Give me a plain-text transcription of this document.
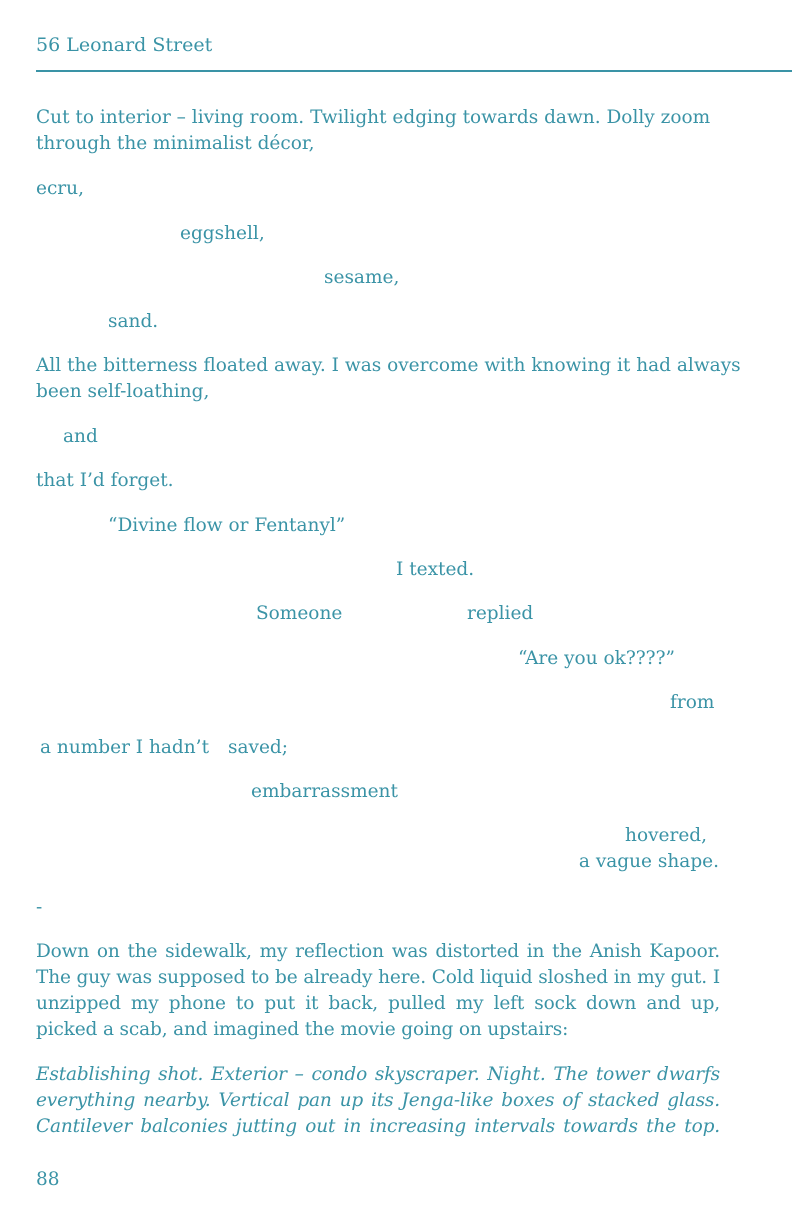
56 Leonard Street
Cut to interior – living room. Twilight edging towards dawn. Dolly zoom
through the minimalist décor,
ecru,
eggshell,
sesame,
sand.
All the bitterness floated away. I was overcome with knowing it had always
been self-loathing,
and
that I’d forget.
“Divine flow or Fentanyl”
I texted.
Someone	replied
“Are you ok????”
from
a number I hadn’t saved;
embarrassment
hovered,
a vague shape.
-
Down on the sidewalk, my reflection was distorted in the Anish Kapoor. The guy was supposed to be already here. Cold liquid sloshed in my gut. I unzipped my phone to put it back, pulled my left sock down and up, picked a scab, and imagined the movie going on upstairs:
Establishing shot. Exterior – condo skyscraper. Night. The tower dwarfs everything nearby. Vertical pan up its Jenga-like boxes of stacked glass. Cantilever balconies jutting out in increasing intervals towards the top.
88
